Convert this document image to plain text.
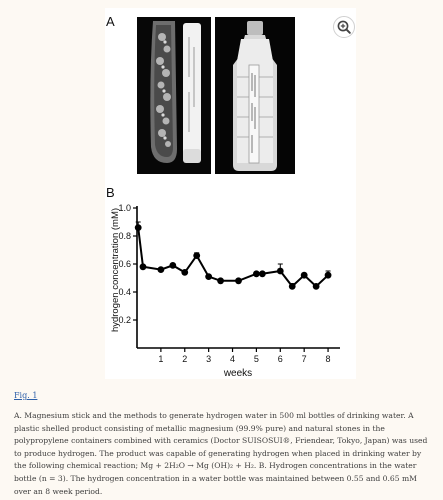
A
B
0.2
0.4
0.6
0.8
1.0
1 2 3 4 5 6 7 8
hydrogen concentration (mM)
weeks
Fig. 1

A. Magnesium stick and the methods to generate hydrogen water in 500 ml bottles of drinking water. A plastic shelled product consisting of metallic magnesium (99.9% pure) and natural stones in the polypropylene containers combined with ceramics (Doctor SUISOSUI®, Friendear, Tokyo, Japan) was used to produce hydrogen. The product was capable of generating hydrogen when placed in drinking water by the following chemical reaction; Mg + 2H₂O → Mg (OH)₂ + H₂. B. Hydrogen concentrations in the water bottle (n = 3). The hydrogen concentration in a water bottle was maintained between 0.55 and 0.65 mM over an 8 week period.
